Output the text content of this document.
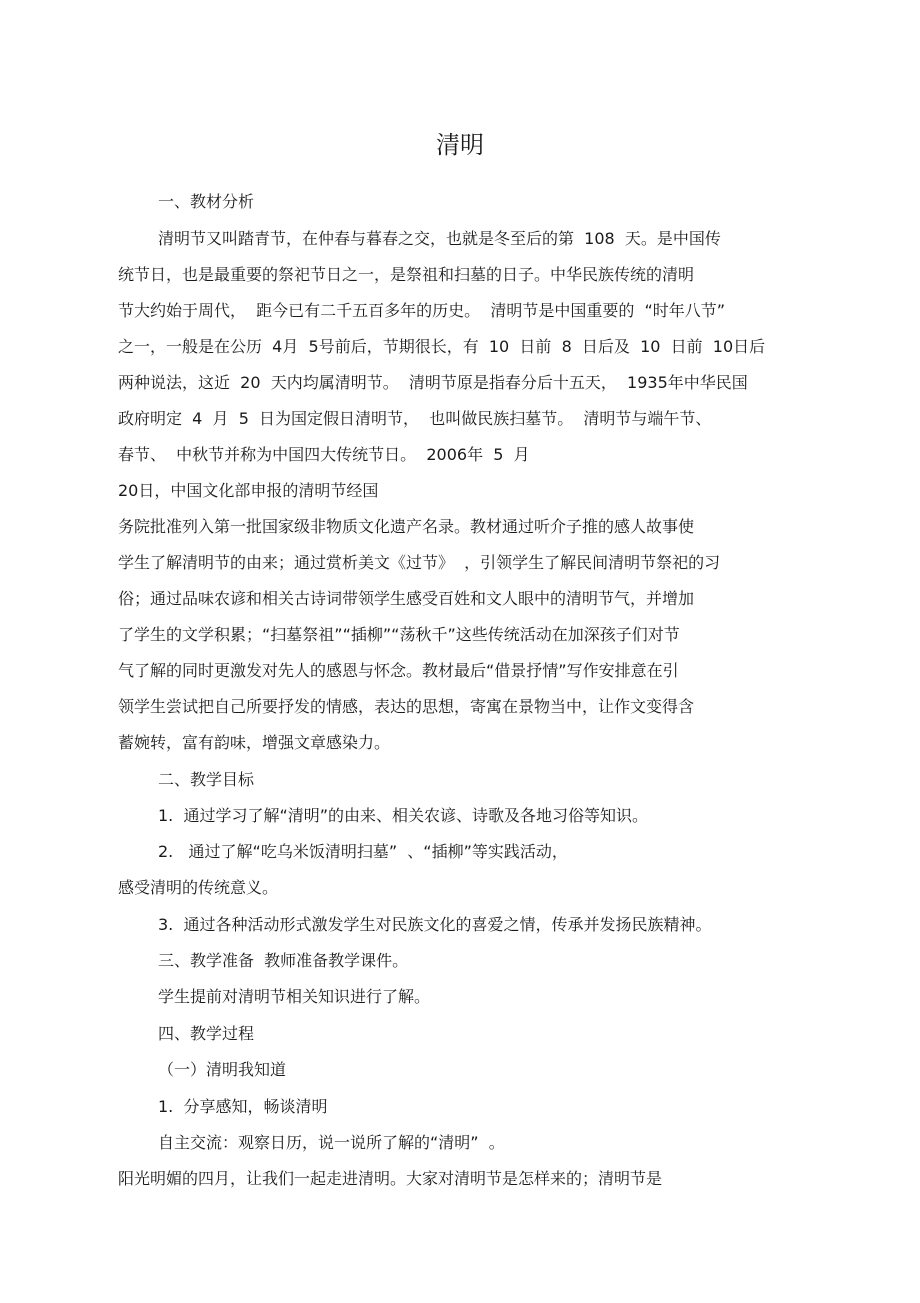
清明

一、教材分析

清明节又叫踏青节，在仲春与暮春之交，也就是冬至后的第  108  天。是中国传

统节日，也是最重要的祭祀节日之一，是祭祖和扫墓的日子。中华民族传统的清明

节大约始于周代，  距今已有二千五百多年的历史。  清明节是中国重要的  “时年八节”

之一，一般是在公历  4月  5号前后，节期很长，有  10  日前  8  日后及  10  日前  10日后

两种说法，这近  20  天内均属清明节。  清明节原是指春分后十五天，  1935年中华民国

政府明定  4  月  5  日为国定假日清明节，  也叫做民族扫墓节。  清明节与端午节、

春节、  中秋节并称为中国四大传统节日。  2006年  5  月

20日，中国文化部申报的清明节经国

务院批准列入第一批国家级非物质文化遗产名录。教材通过听介子推的感人故事使

学生了解清明节的由来；通过赏析美文《过节》  ，引领学生了解民间清明节祭祀的习

俗；通过品味农谚和相关古诗词带领学生感受百姓和文人眼中的清明节气，并增加

了学生的文学积累；“扫墓祭祖”“插柳”“荡秋千”这些传统活动在加深孩子们对节

气了解的同时更激发对先人的感恩与怀念。教材最后“借景抒情”写作安排意在引

领学生尝试把自己所要抒发的情感，表达的思想，寄寓在景物当中，让作文变得含

蓄婉转，富有韵味，增强文章感染力。

二、教学目标

1.  通过学习了解“清明”的由来、相关农谚、诗歌及各地习俗等知识。

2.   通过了解“吃乌米饭清明扫墓”  、“插柳”等实践活动，

感受清明的传统意义。

3.  通过各种活动形式激发学生对民族文化的喜爱之情，传承并发扬民族精神。

三、教学准备  教师准备教学课件。

学生提前对清明节相关知识进行了解。

四、教学过程

（一）清明我知道

1.  分享感知，畅谈清明

自主交流：观察日历，说一说所了解的“清明”  。

阳光明媚的四月，让我们一起走进清明。大家对清明节是怎样来的；清明节是
